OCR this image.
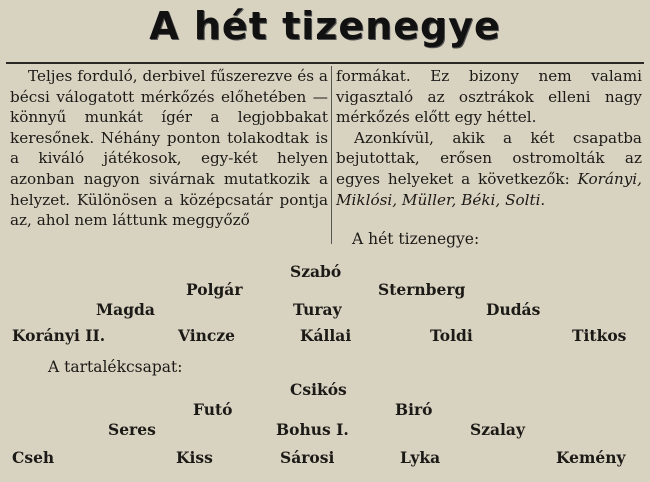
A hét tizenegye

Teljes forduló, derbivel fűszerezve és a bécsi válogatott mérkőzés előhetében — könnyű munkát ígér a legjobbakat keresőnek. Néhány ponton tolakodtak is a kiváló játékosok, egy-két helyen azonban nagyon sivárnak mutatkozik a helyzet. Különösen a középcsatár pontja az, ahol nem láttunk meggyőző

formákat. Ez bizony nem valami vigasztaló az osztrákok elleni nagy mérkőzés előtt egy héttel.

Azonkívül, akik a két csapatba bejutottak, erősen ostromolták az egyes helyeket a következők: Korányi, Miklósi, Müller, Béki, Solti.

A hét tizenegye:
Szabó
Polgár	Sternberg
Magda	Turay	Dudás
Korányi II.	Vincze	Kállai	Toldi	Titkos
A tartalékcsapat:
Csikós
Futó	Biró
Seres	Bohus I.	Szalay
Cseh	Kiss	Sárosi	Lyka	Kemény
